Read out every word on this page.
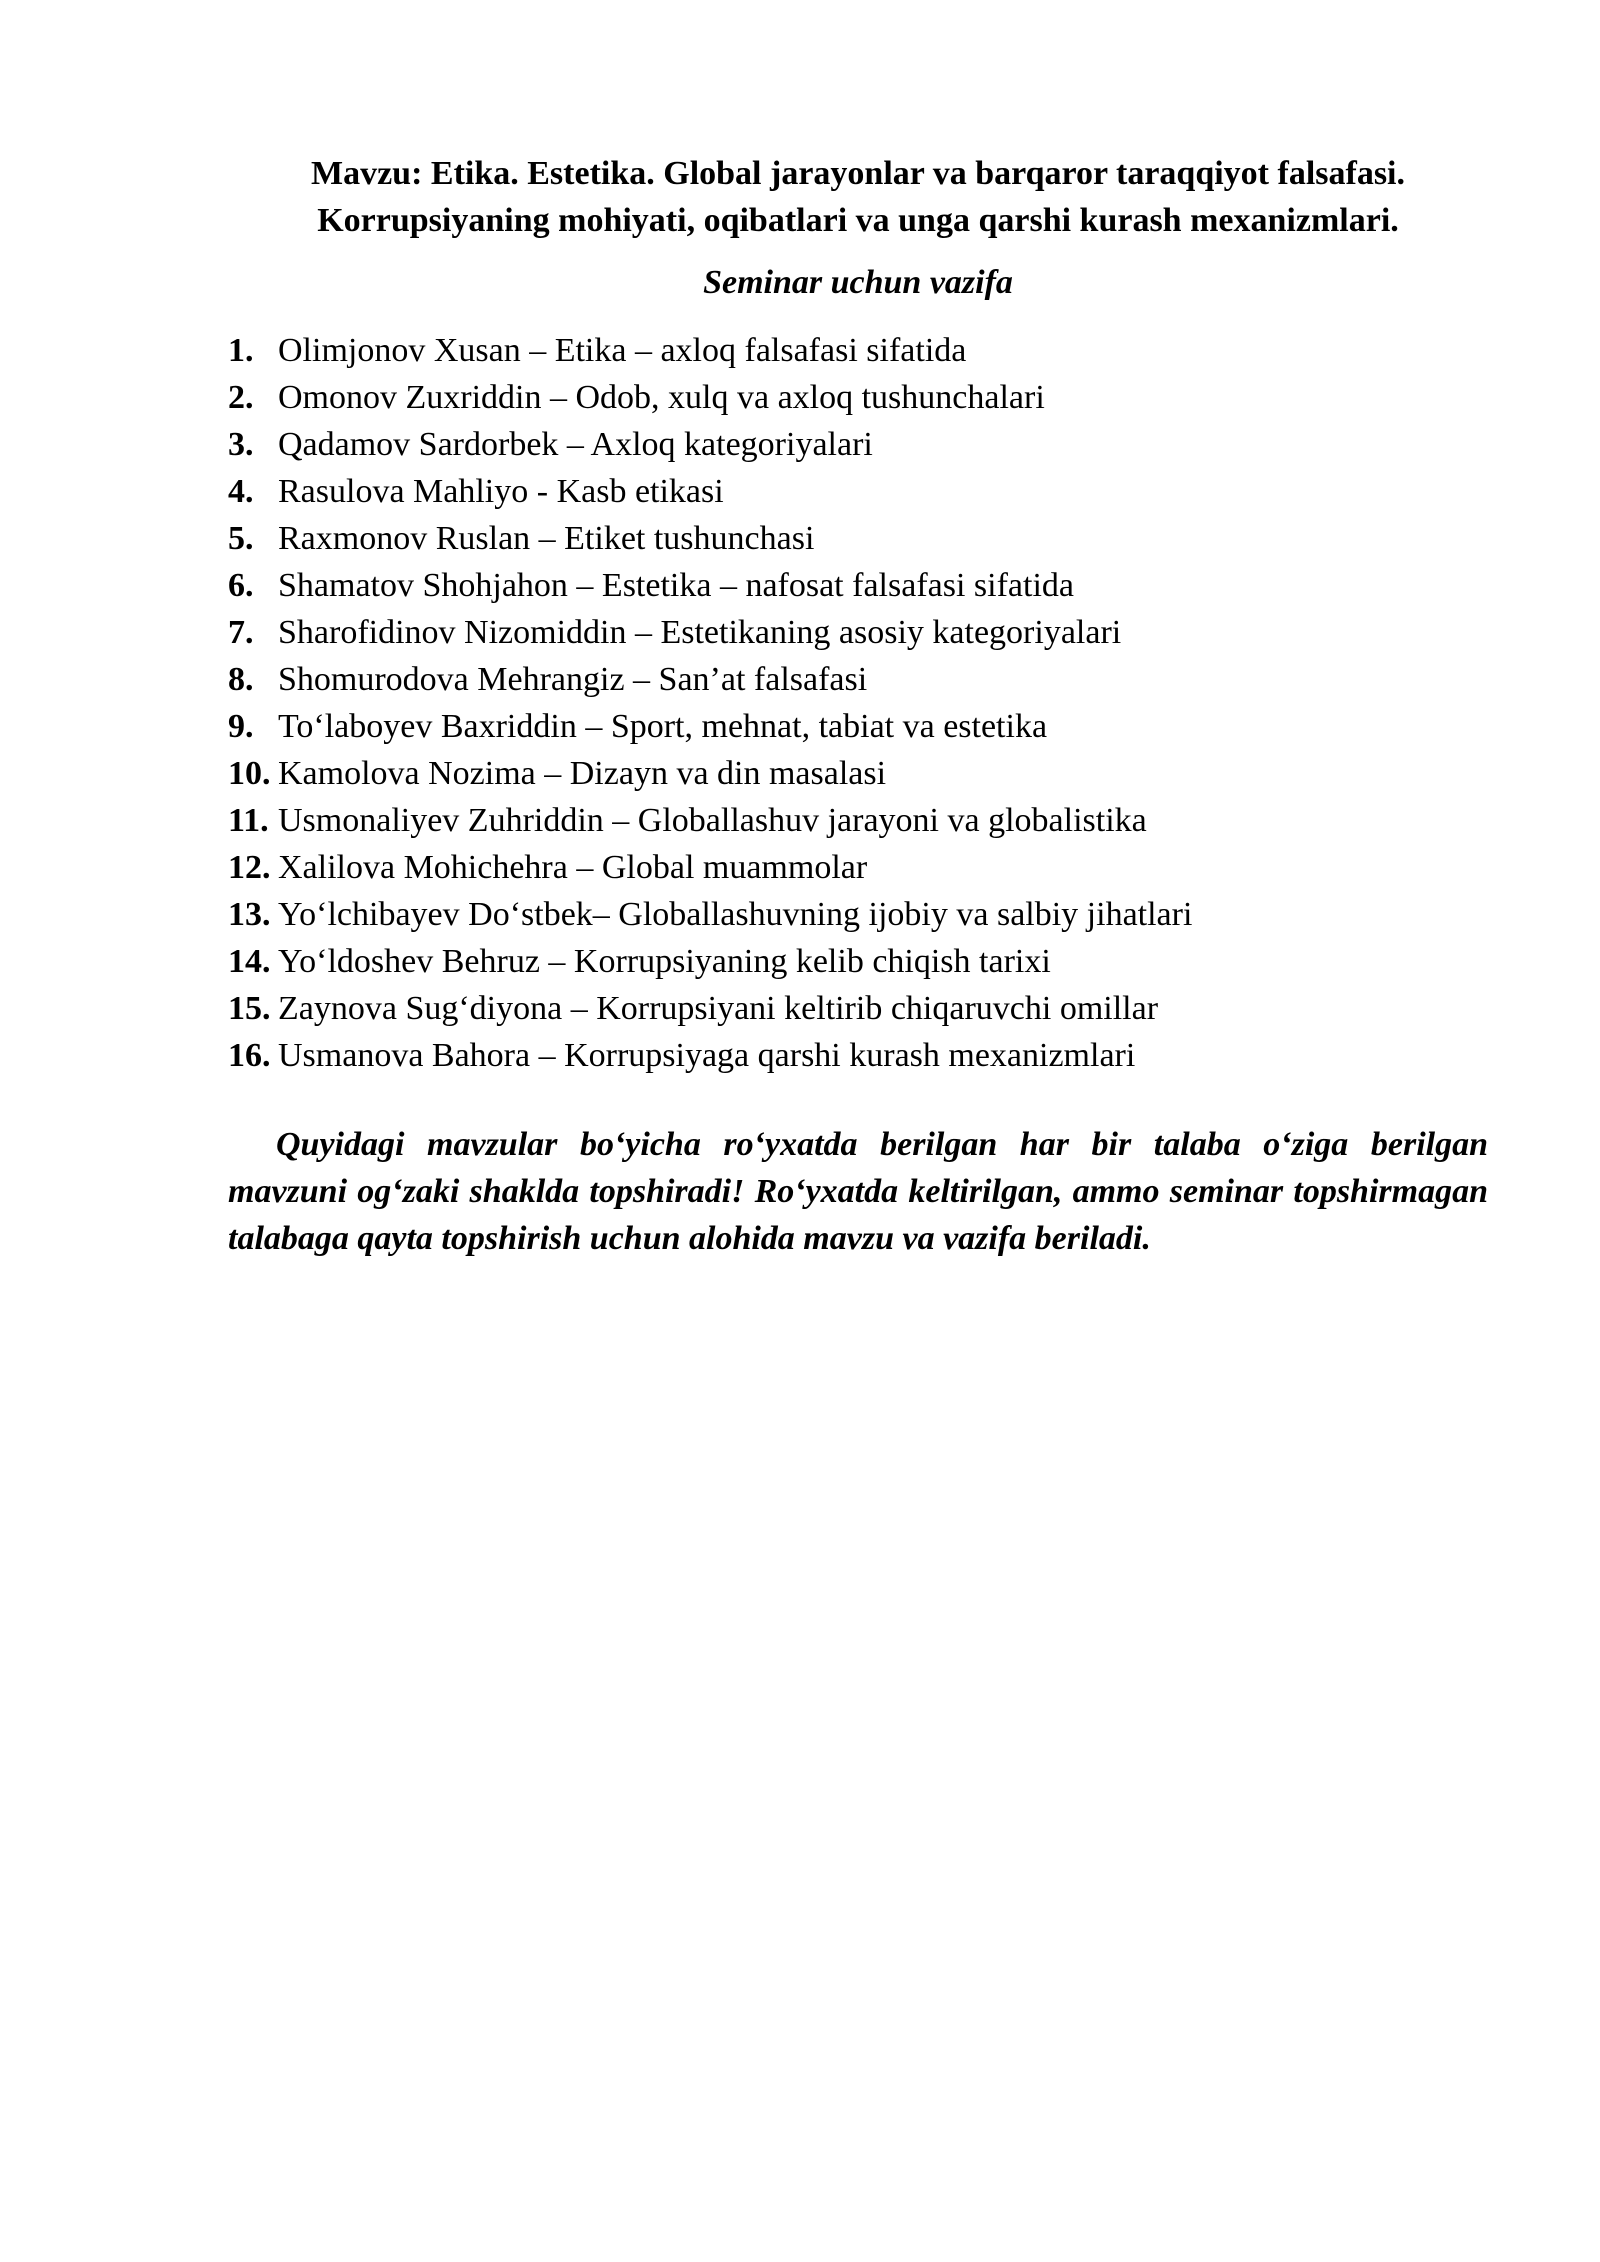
Mavzu: Etika. Estetika. Global jarayonlar va barqaror taraqqiyot falsafasi.
Korrupsiyaning mohiyati, oqibatlari va unga qarshi kurash mexanizmlari.

Seminar uchun vazifa

1. Olimjonov Xusan – Etika – axloq falsafasi sifatida
2. Omonov Zuxriddin – Odob, xulq va axloq tushunchalari
3. Qadamov Sardorbek – Axloq kategoriyalari
4. Rasulova Mahliyo - Kasb etikasi
5. Raxmonov Ruslan – Etiket tushunchasi
6. Shamatov Shohjahon – Estetika – nafosat falsafasi sifatida
7. Sharofidinov Nizomiddin – Estetikaning asosiy kategoriyalari
8. Shomurodova Mehrangiz – San’at falsafasi
9. To‘laboyev Baxriddin – Sport, mehnat, tabiat va estetika
10. Kamolova Nozima – Dizayn va din masalasi
11. Usmonaliyev Zuhriddin – Globallashuv jarayoni va globalistika
12. Xalilova Mohichehra – Global muammolar
13. Yo‘lchibayev Do‘stbek– Globallashuvning ijobiy va salbiy jihatlari
14. Yo‘ldoshev Behruz – Korrupsiyaning kelib chiqish tarixi
15. Zaynova Sug‘diyona – Korrupsiyani keltirib chiqaruvchi omillar
16. Usmanova Bahora – Korrupsiyaga qarshi kurash mexanizmlari

Quyidagi mavzular bo‘yicha ro‘yxatda berilgan har bir talaba o‘ziga berilgan mavzuni og‘zaki shaklda topshiradi! Ro‘yxatda keltirilgan, ammo seminar topshirmagan talabaga qayta topshirish uchun alohida mavzu va vazifa beriladi.
